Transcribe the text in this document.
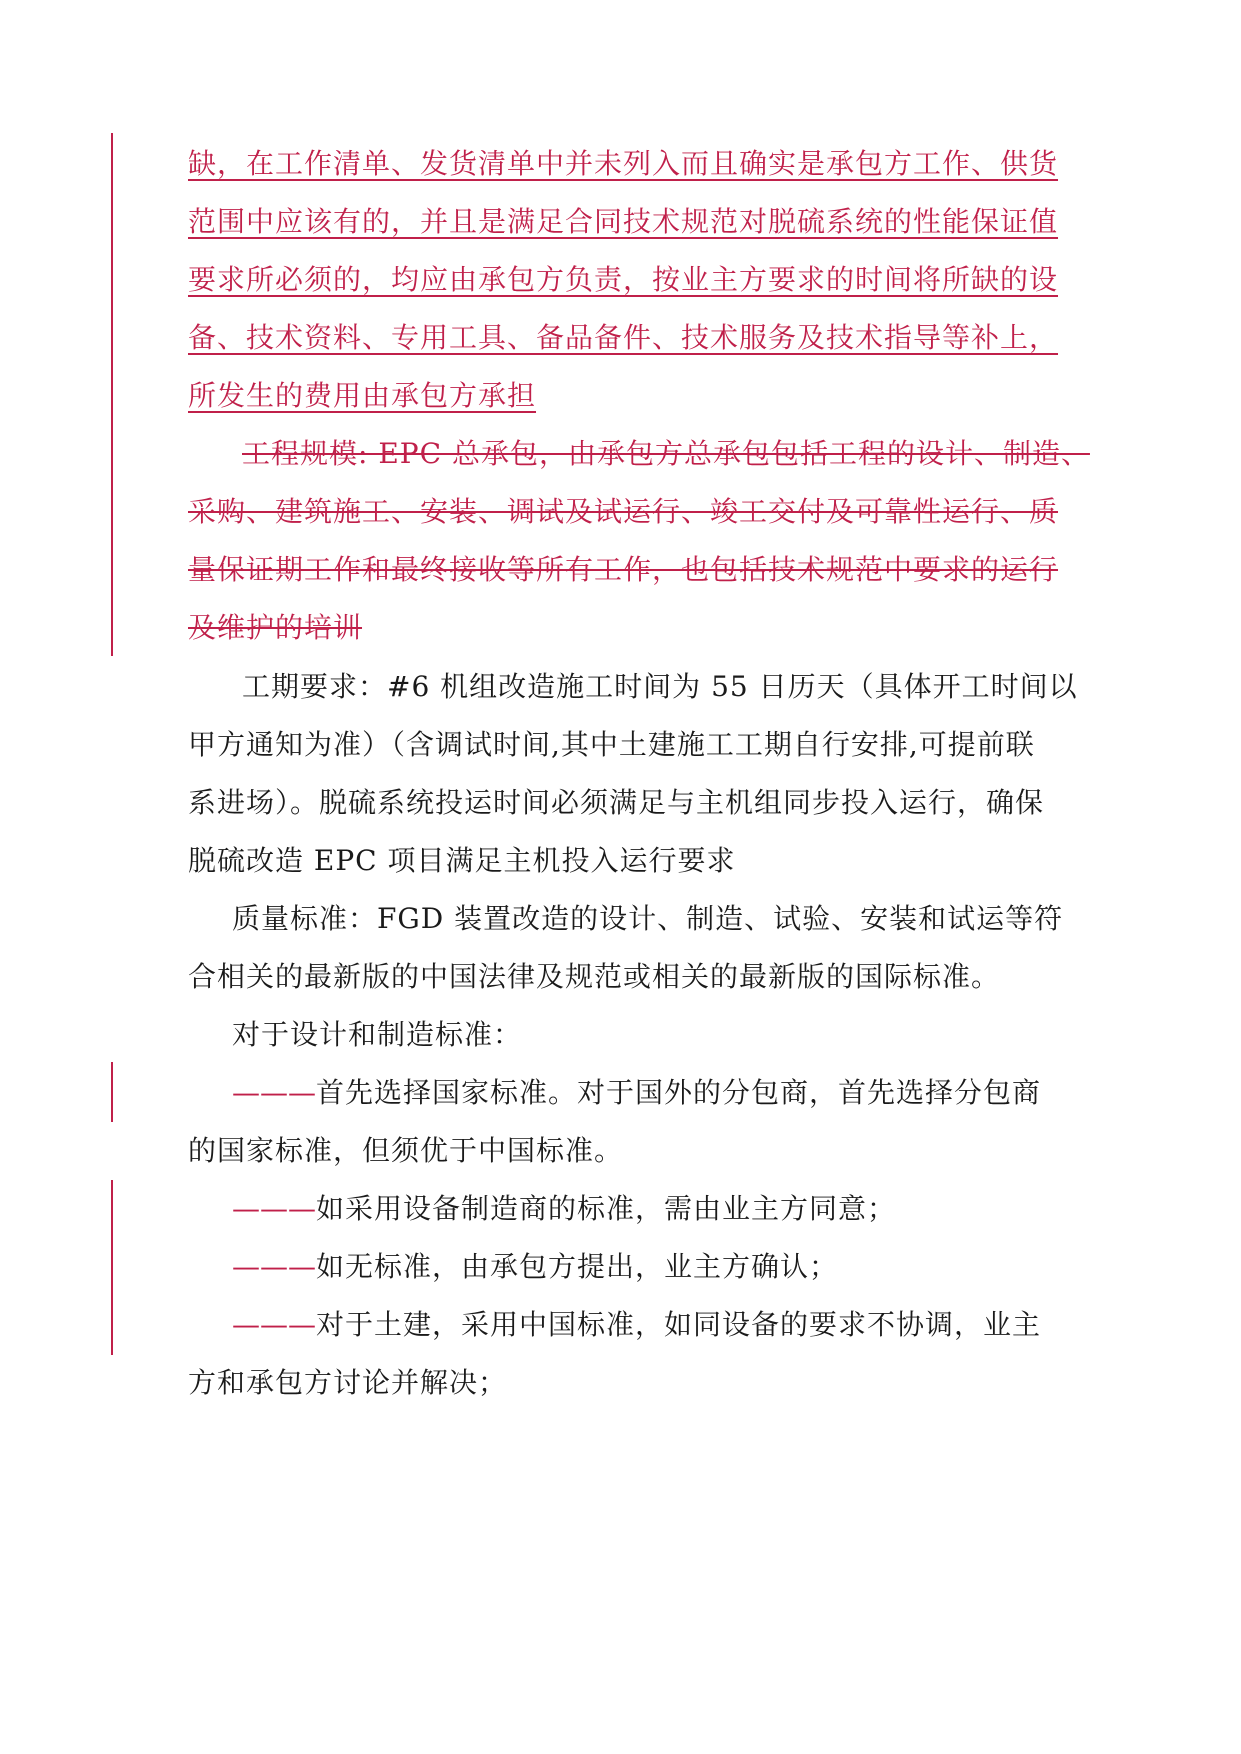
缺，在工作清单、发货清单中并未列入而且确实是承包方工作、供货
范围中应该有的，并且是满足合同技术规范对脱硫系统的性能保证值
要求所必须的，均应由承包方负责，按业主方要求的时间将所缺的设
备、技术资料、专用工具、备品备件、技术服务及技术指导等补上，
所发生的费用由承包方承担
工程规模: EPC 总承包，由承包方总承包包括工程的设计、制造、
采购、建筑施工、安装、调试及试运行、竣工交付及可靠性运行、质
量保证期工作和最终接收等所有工作，也包括技术规范中要求的运行
及维护的培训
工期要求：#6 机组改造施工时间为 55 日历天（具体开工时间以
甲方通知为准）（含调试时间,其中土建施工工期自行安排,可提前联
系进场）。脱硫系统投运时间必须满足与主机组同步投入运行，确保
脱硫改造 EPC 项目满足主机投入运行要求
质量标准：FGD 装置改造的设计、制造、试验、安装和试运等符
合相关的最新版的中国法律及规范或相关的最新版的国际标准。
对于设计和制造标准：
———首先选择国家标准。对于国外的分包商，首先选择分包商
的国家标准，但须优于中国标准。
———如采用设备制造商的标准，需由业主方同意；
———如无标准，由承包方提出，业主方确认；
———对于土建，采用中国标准，如同设备的要求不协调，业主
方和承包方讨论并解决；
